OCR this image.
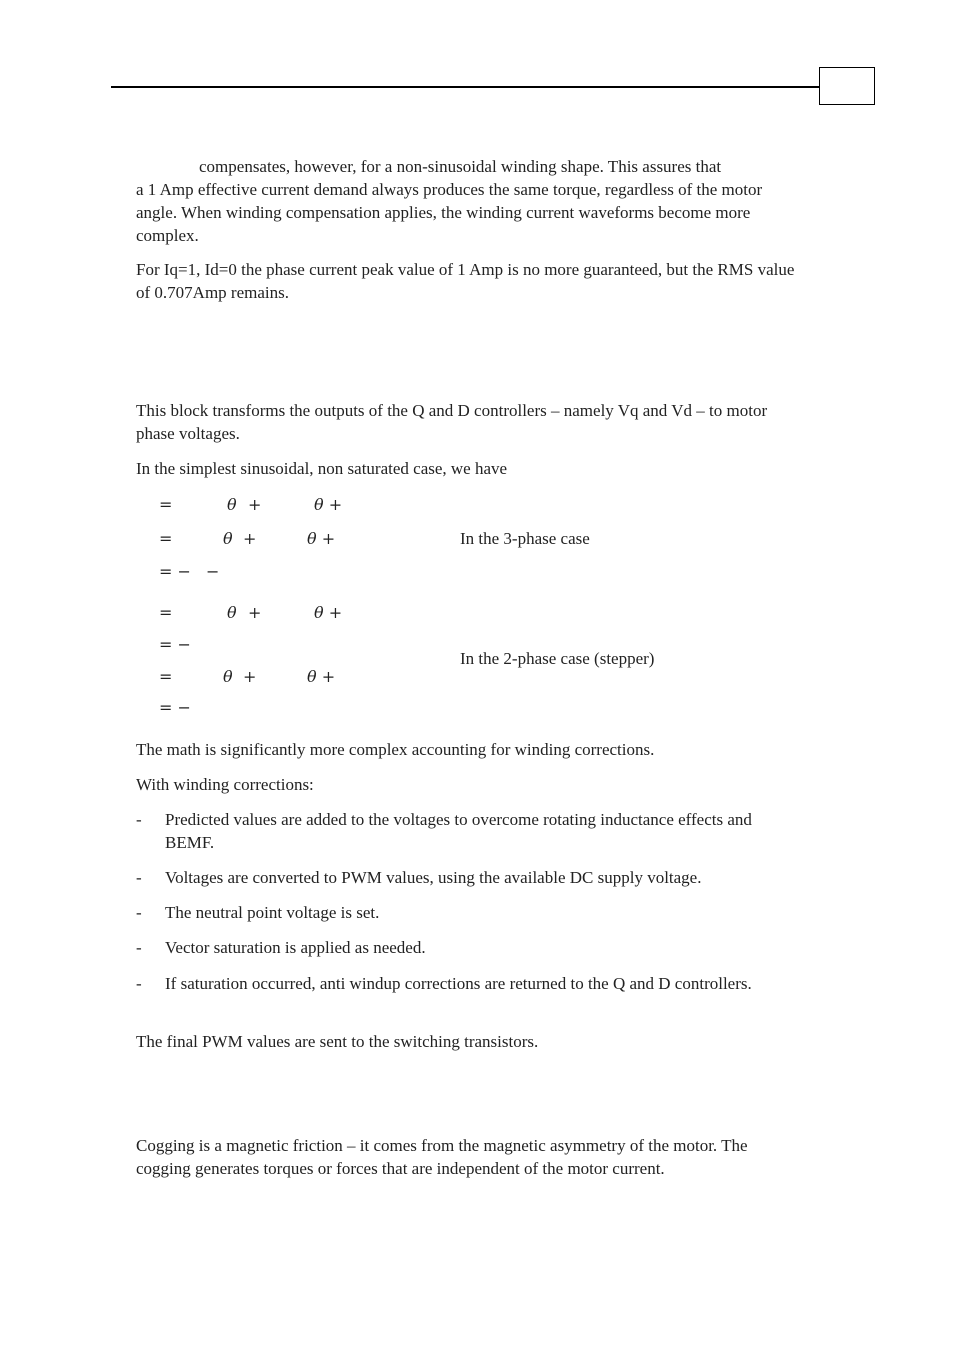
compensates, however, for a non-sinusoidal winding shape. This assures that

a 1 Amp effective current demand always produces the same torque, regardless of the motor angle. When winding compensation applies, the winding current waveforms become more complex.

For Iq=1, Id=0 the phase current peak value of 1 Amp is no more guaranteed, but the RMS value of 0.707Amp remains.

This block transforms the outputs of the Q and D controllers – namely Vq and Vd – to motor phase voltages.

In the simplest sinusoidal, non saturated case, we have

=	θ +	θ +
=	θ +	θ +
= − −
In the 3-phase case
=	θ +	θ +
= −
=	θ +	θ +
= −
In the 2-phase case (stepper)

The math is significantly more complex accounting for winding corrections.

With winding corrections:

- Predicted values are added to the voltages to overcome rotating inductance effects and BEMF.
- Voltages are converted to PWM values, using the available DC supply voltage.
- The neutral point voltage is set.
- Vector saturation is applied as needed.
- If saturation occurred, anti windup corrections are returned to the Q and D controllers.

The final PWM values are sent to the switching transistors.

Cogging is a magnetic friction – it comes from the magnetic asymmetry of the motor. The cogging generates torques or forces that are independent of the motor current.
